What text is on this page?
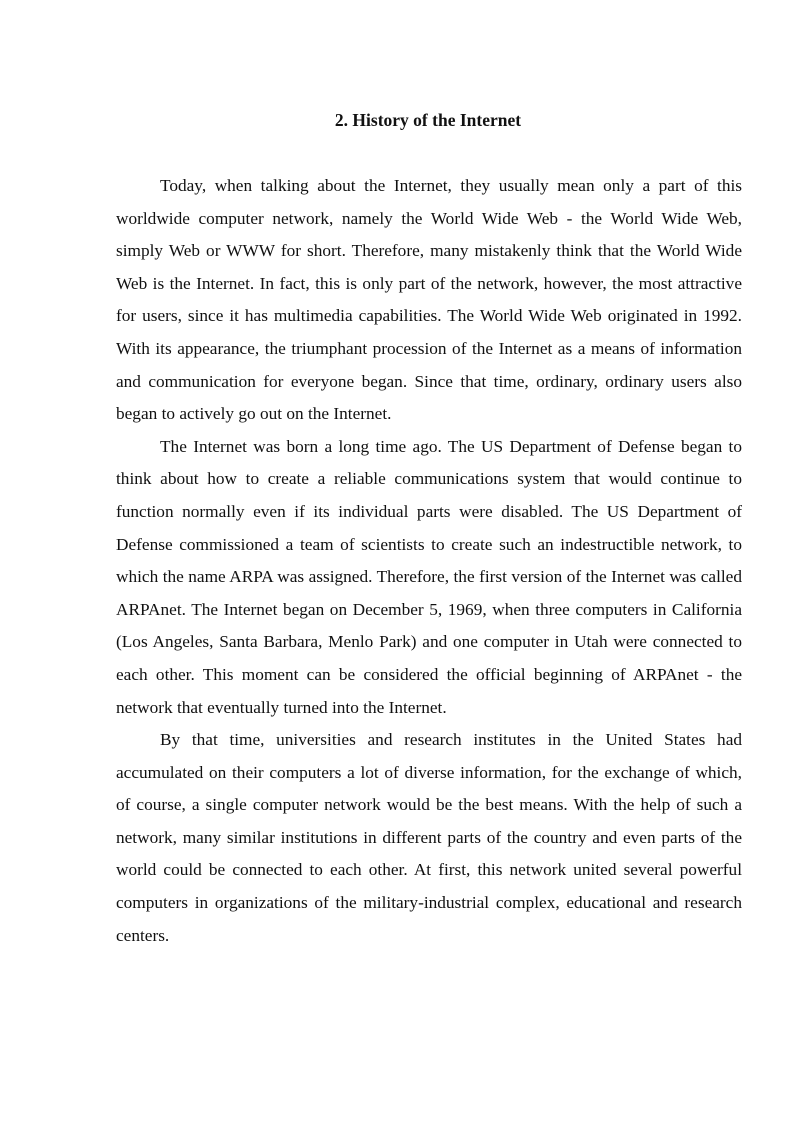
2. History of the Internet

Today, when talking about the Internet, they usually mean only a part of this worldwide computer network, namely the World Wide Web - the World Wide Web, simply Web or WWW for short. Therefore, many mistakenly think that the World Wide Web is the Internet. In fact, this is only part of the network, however, the most attractive for users, since it has multimedia capabilities. The World Wide Web originated in 1992. With its appearance, the triumphant procession of the Internet as a means of information and communication for everyone began. Since that time, ordinary, ordinary users also began to actively go out on the Internet.

The Internet was born a long time ago. The US Department of Defense began to think about how to create a reliable communications system that would continue to function normally even if its individual parts were disabled. The US Department of Defense commissioned a team of scientists to create such an indestructible network, to which the name ARPA was assigned. Therefore, the first version of the Internet was called ARPAnet. The Internet began on December 5, 1969, when three computers in California (Los Angeles, Santa Barbara, Menlo Park) and one computer in Utah were connected to each other. This moment can be considered the official beginning of ARPAnet - the network that eventually turned into the Internet.

By that time, universities and research institutes in the United States had accumulated on their computers a lot of diverse information, for the exchange of which, of course, a single computer network would be the best means. With the help of such a network, many similar institutions in different parts of the country and even parts of the world could be connected to each other. At first, this network united several powerful computers in organizations of the military-industrial complex, educational and research centers.
